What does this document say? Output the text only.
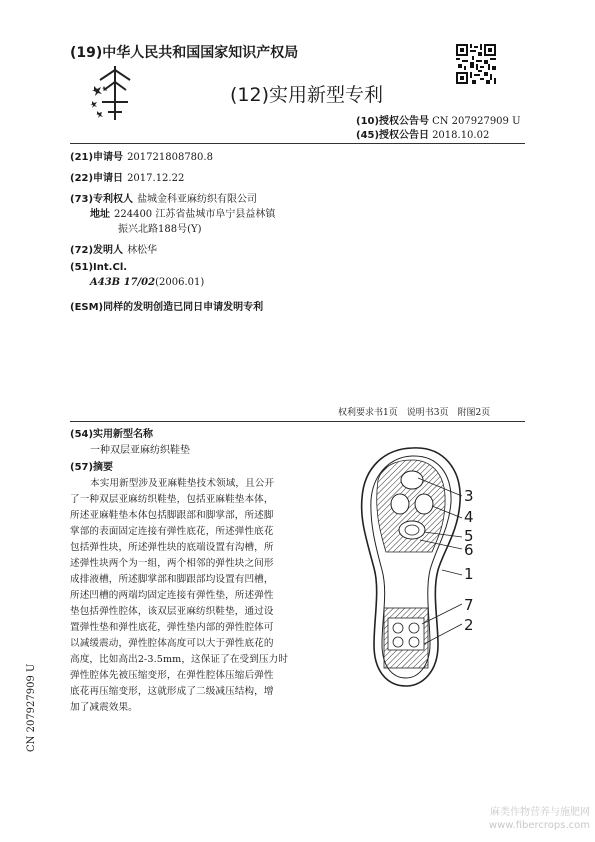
(19)中华人民共和国国家知识产权局
(12)实用新型专利
(10)授权公告号 CN 207927909 U
(45)授权公告日 2018.10.02
(21)申请号 201721808780.8
(22)申请日 2017.12.22
(73)专利权人 盐城金科亚麻纺织有限公司
地址 224400 江苏省盐城市阜宁县益林镇
振兴北路188号(Y)
(72)发明人 林松华
(51)Int.Cl.
A43B 17/02(2006.01)
(ESM)同样的发明创造已同日申请发明专利
权利要求书1页　说明书3页　附图2页
(54)实用新型名称
一种双层亚麻纺织鞋垫
(57)摘要
本实用新型涉及亚麻鞋垫技术领域，且公开
了一种双层亚麻纺织鞋垫，包括亚麻鞋垫本体，
所述亚麻鞋垫本体包括脚跟部和脚掌部，所述脚
掌部的表面固定连接有弹性底花，所述弹性底花
包括弹性块，所述弹性块的底端设置有沟槽，所
述弹性块两个为一组，两个相邻的弹性块之间形
成排液槽，所述脚掌部和脚跟部均设置有凹槽，
所述凹槽的两端均固定连接有弹性垫，所述弹性
垫包括弹性腔体，该双层亚麻纺织鞋垫，通过设
置弹性垫和弹性底花，弹性垫内部的弹性腔体可
以减缓震动，弹性腔体高度可以大于弹性底花的
高度，比如高出2-3.5mm，这保证了在受到压力时
弹性腔体先被压缩变形，在弹性腔体压缩后弹性
底花再压缩变形，这就形成了二级减压结构，增
加了减震效果。
3
4
5
6
1
7
2
CN 207927909 U
麻类作物营养与施肥网
www.fibercrops.com
